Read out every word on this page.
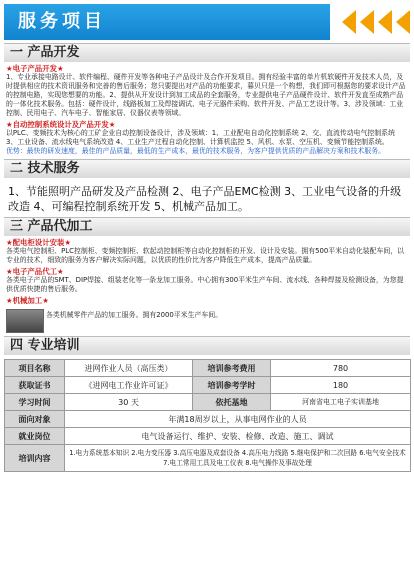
服务项目
一 产品开发
★电子产品开发★
1、专业承接电路设计、软件编程、硬件开发等各种电子产品设计及合作开发项目。拥有经验丰富的单片机软硬件开发技术人员，及时提供相应的技术资讯服务和完善的售后服务；您只要提出对产品的功能要求，暮贝只是一个构想，我们即可根据您的要求设计产品的控制电路，实现您想要的功能。2、提供从开发设计到加工成品的全套服务，专业提供电子产品硬件设计、软件开发直至成熟产品的一体化技术服务。包括：硬件设计，线路板加工及焊接调试、电子元器件采购、软件开发、产品工艺设计等。3、涉及领域：工业控制、民用电子、汽车电子、智能家居、仪器仪表等领域。
★自动控制系统设计及产品开发★
以PLC、变频技术为核心的工矿企业自动控制设备设计，涉及领域：1、工业配电自动化控制系统 2、交、直流传动电气控制系统 3、工业设备、流水线电气系统改造 4、工业生产过程自动化控制、计算机监控 5、风机、水泵、空压机、变频节能控制系统。
优势：最快的研发速度，最佳的产品质量，最低的生产成本，最优的技术服务，为客户提供优质的产品解决方案和技术服务。
二 技术服务
1、节能照明产品研发及产品检测 2、电子产品EMC检测 3、工业电气设备的升级改造 4、可编程控制系统开发 5、机械产品加工。
三 产品代加工
★配电柜设计安装★
各类电气控制柜、PLC控制柜、变频控制柜、软起动控制柜等自动化控制柜的开发、设计及安装。拥有500平米自动化装配车间，以专业的技术，细致的服务为客户解决实际问题，以优质的性价比为客户降低生产成本，提高产品质量。
★电子产品代工★
各类电子产品的SMT、DIP焊接、组装老化等一条龙加工服务。中心拥有300平米生产车间、流水线、各种焊接及检测设备，为您提供优质快捷的售后服务。
★机械加工★
各类机械零件产品的加工服务。拥有2000平米生产车间。
四 专业培训
项目名称	进网作业人员（高压类）	培训参考费用	780
获取证书	《进网电工作业许可证》	培训参考学时	180
学习时间	30 天	依托基地	河南省电工电子实训基地
面向对象	年满18周岁以上，从事电网作业的人员		
就业岗位	电气设备运行、维护、安装、检修、改造、施工、调试		
培训内容	1.电力系统基本知识 2.电力变压器 3.高压电器及成套设备 4.高压电力线路 5.继电保护和二次回路 6.电气安全技术 7.电工常用工具及电工仪表 8.电气操作及事故处理		
